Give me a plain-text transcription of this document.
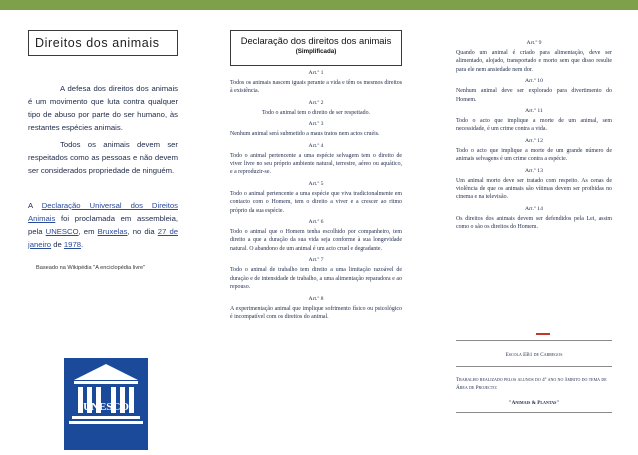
Direitos dos animais

A defesa dos direitos dos animais é um movimento que luta contra qualquer tipo de abuso por parte do ser humano, às restantes espécies animais.

Todos os animais devem ser respeitados como as pessoas e não devem ser considerados propriedade de ninguém.

A Declaração Universal dos Direitos Animais foi proclamada em assembleia, pela UNESCO, em Bruxelas, no dia 27 de janeiro de 1978.

Baseado na Wikipédia "A enciclopédia livre"

UNESCO
Declaração dos direitos dos animais
(Simplificada)
Art.º 1

Todos os animais nascem iguais perante a vida e têm os mesmos direitos à existência.

Art.º 2

Todo o animal tem o direito de ser respeitado.

Art.º 3

Nenhum animal será submetido a maus tratos nem actos cruéis.

Art.º 4

Todo o animal pertencente a uma espécie selvagem tem o direito de viver livre no seu próprio ambiente natural, terrestre, aéreo ou aquático, e a reproduzir-se.

Art.º 5

Todo o animal pertencente a uma espécie que viva tradicionalmente em contacto com o Homem, tem o direito a viver e a crescer ao ritmo próprio da sua espécie.

Art.º 6

Todo o animal que o Homem tenha escolhido por companheiro, tem direito a que a duração da sua vida seja conforme à sua longevidade natural. O abandono de um animal é um acto cruel e degradante.

Art.º 7

Todo o animal de trabalho tem direito a uma limitação razoável de duração e de intensidade de trabalho, a uma alimentação reparadora e ao repouso.

Art.º 8

A experimentação animal que implique sofrimento físico ou psicológico é incompatível com os direitos do animal.

Art.º 9

Quando um animal é criado para alimentação, deve ser alimentado, alojado, transportado e morto sem que disso resulte para ele nem ansiedade nem dor.

Art.º 10

Nenhum animal deve ser explorado para divertimento do Homem.

Art.º 11

Todo o acto que implique a morte de um animal, sem necessidade, é um crime contra a vida.

Art.º 12

Todo o acto que implique a morte de um grande número de animais selvagens é um crime contra a espécie.

Art.º 13

Um animal morto deve ser tratado com respeito. As cenas de violência de que os animais são vítimas devem ser proibidas no cinema e na televisão.

Art.º 14

Os direitos dos animais devem ser defendidos pela Lei, assim como o são os direitos do Homem.

Escola EB1 de Carregos

Trabalho realizado pelos alunos do 4º ano no âmbito do tema de Área de Projecto:

"Animais & Plantas"
